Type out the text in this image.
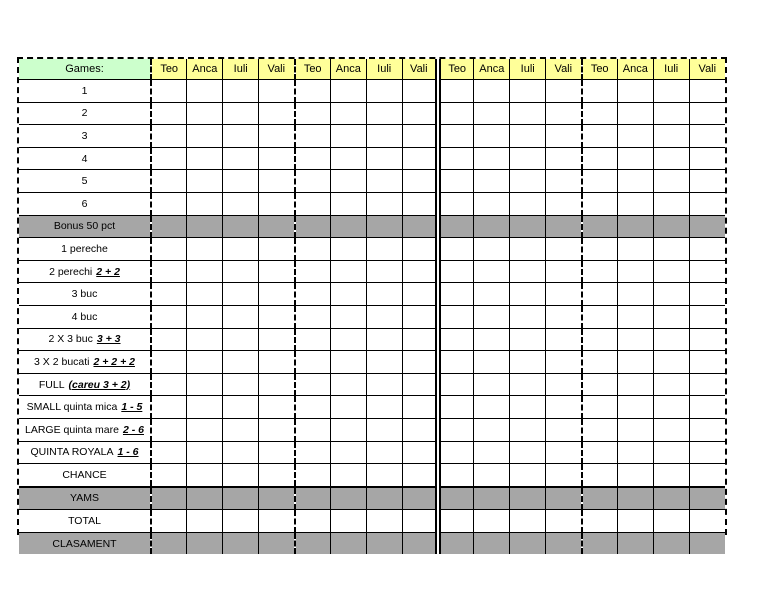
Games:	Teo	Anca	Iuli	Vali	Teo	Anca	Iuli	Vali	Teo	Anca	Iuli	Vali	Teo	Anca	Iuli	Vali
1																
2																
3																
4																
5																
6																
Bonus 50 pct																
1 pereche																
2 perechi 2 + 2																
3 buc																
4 buc																
2 X 3 buc 3 + 3																
3 X 2 bucati 2 + 2 + 2																
FULL (careu 3 + 2)																
SMALL quinta mica 1 - 5																
LARGE quinta mare 2 - 6																
QUINTA ROYALA 1 - 6																
CHANCE																
YAMS																
TOTAL																
CLASAMENT																
